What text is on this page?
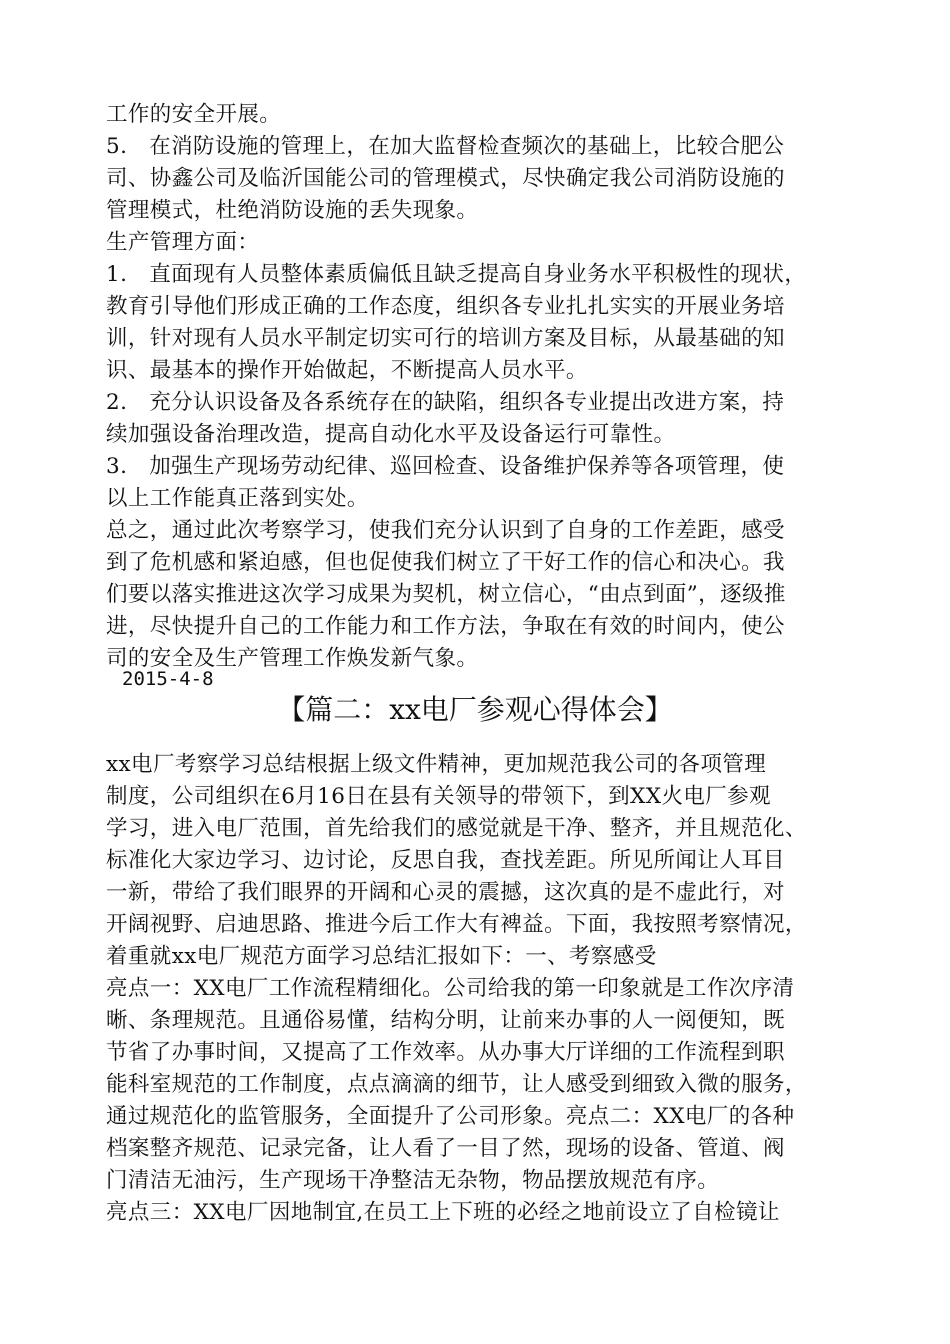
工作的安全开展。
5.　在消防设施的管理上，在加大监督检查频次的基础上，比较合肥公
司、协鑫公司及临沂国能公司的管理模式，尽快确定我公司消防设施的
管理模式，杜绝消防设施的丢失现象。
生产管理方面：
1.　直面现有人员整体素质偏低且缺乏提高自身业务水平积极性的现状，
教育引导他们形成正确的工作态度，组织各专业扎扎实实的开展业务培
训，针对现有人员水平制定切实可行的培训方案及目标，从最基础的知
识、最基本的操作开始做起，不断提高人员水平。
2.　充分认识设备及各系统存在的缺陷，组织各专业提出改进方案，持
续加强设备治理改造，提高自动化水平及设备运行可靠性。
3.　加强生产现场劳动纪律、巡回检查、设备维护保养等各项管理，使
以上工作能真正落到实处。
总之，通过此次考察学习，使我们充分认识到了自身的工作差距，感受
到了危机感和紧迫感，但也促使我们树立了干好工作的信心和决心。我
们要以落实推进这次学习成果为契机，树立信心，“由点到面”，逐级推
进，尽快提升自己的工作能力和工作方法，争取在有效的时间内，使公
司的安全及生产管理工作焕发新气象。
2015-4-8
【篇二：xx电厂参观心得体会】
xx电厂考察学习总结根据上级文件精神，更加规范我公司的各项管理
制度，公司组织在6月16日在县有关领导的带领下，到XX火电厂参观
学习，进入电厂范围，首先给我们的感觉就是干净、整齐，并且规范化、
标准化大家边学习、边讨论，反思自我，查找差距。所见所闻让人耳目
一新，带给了我们眼界的开阔和心灵的震撼，这次真的是不虚此行，对
开阔视野、启迪思路、推进今后工作大有裨益。下面，我按照考察情况，
着重就xx电厂规范方面学习总结汇报如下：一、考察感受
亮点一：XX电厂工作流程精细化。公司给我的第一印象就是工作次序清
晰、条理规范。且通俗易懂，结构分明，让前来办事的人一阅便知，既
节省了办事时间，又提高了工作效率。从办事大厅详细的工作流程到职
能科室规范的工作制度，点点滴滴的细节，让人感受到细致入微的服务，
通过规范化的监管服务，全面提升了公司形象。亮点二：XX电厂的各种
档案整齐规范、记录完备，让人看了一目了然，现场的设备、管道、阀
门清洁无油污，生产现场干净整洁无杂物，物品摆放规范有序。
亮点三：XX电厂因地制宜,在员工上下班的必经之地前设立了自检镜让
